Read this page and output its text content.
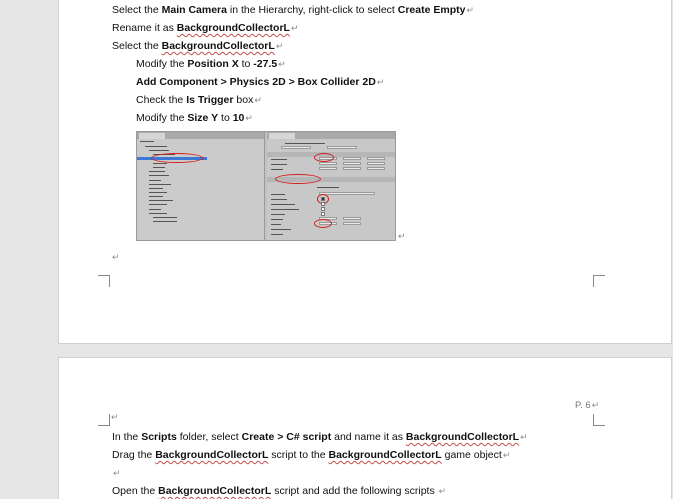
Select the Main Camera in the Hierarchy, right-click to select Create Empty↵
Rename it as BackgroundCollectorL↵
Select the BackgroundCollectorL↵
Modify the Position X to -27.5↵
Add Component > Physics 2D > Box Collider 2D↵
Check the Is Trigger box↵
Modify the Size Y to 10↵
↵
↵
P. 6↵
↵
In the Scripts folder, select Create > C# script and name it as BackgroundCollectorL↵
Drag the BackgroundCollectorL script to the BackgroundCollectorL game object↵
↵
Open the BackgroundCollectorL script and add the following scripts ↵
